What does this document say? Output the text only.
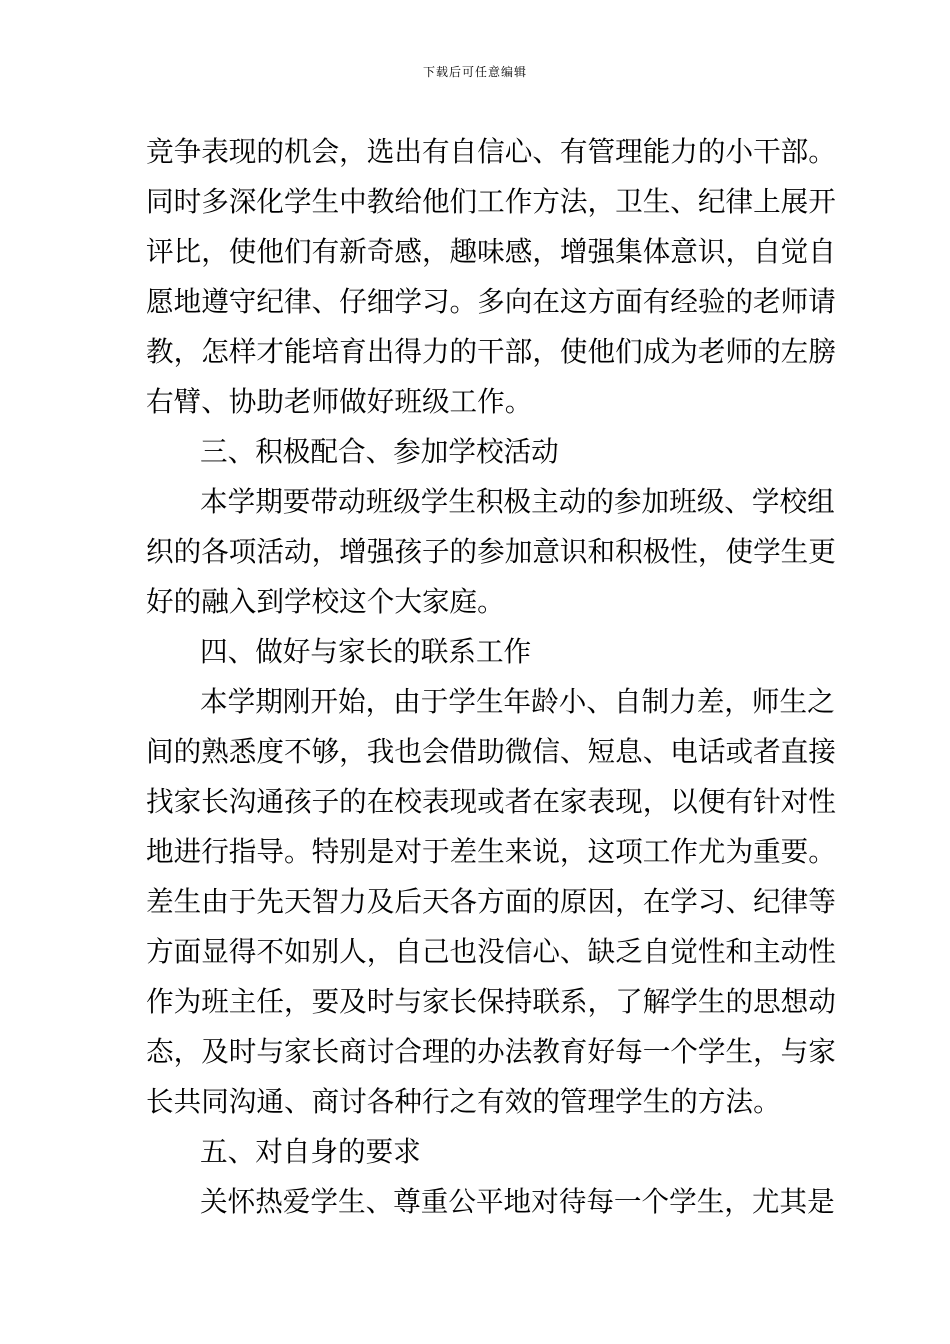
下载后可任意编辑
竞争表现的机会，选出有自信心、有管理能力的小干部。
同时多深化学生中教给他们工作方法，卫生、纪律上展开
评比，使他们有新奇感，趣味感，增强集体意识，自觉自
愿地遵守纪律、仔细学习。多向在这方面有经验的老师请
教，怎样才能培育出得力的干部，使他们成为老师的左膀
右臂、协助老师做好班级工作。
三、积极配合、参加学校活动
本学期要带动班级学生积极主动的参加班级、学校组
织的各项活动，增强孩子的参加意识和积极性，使学生更
好的融入到学校这个大家庭。
四、做好与家长的联系工作
本学期刚开始，由于学生年龄小、自制力差，师生之
间的熟悉度不够，我也会借助微信、短息、电话或者直接
找家长沟通孩子的在校表现或者在家表现，以便有针对性
地进行指导。特别是对于差生来说，这项工作尤为重要。
差生由于先天智力及后天各方面的原因，在学习、纪律等
方面显得不如别人，自己也没信心、缺乏自觉性和主动性
作为班主任，要及时与家长保持联系，了解学生的思想动
态，及时与家长商讨合理的办法教育好每一个学生，与家
长共同沟通、商讨各种行之有效的管理学生的方法。
五、对自身的要求
关怀热爱学生、尊重公平地对待每一个学生，尤其是
